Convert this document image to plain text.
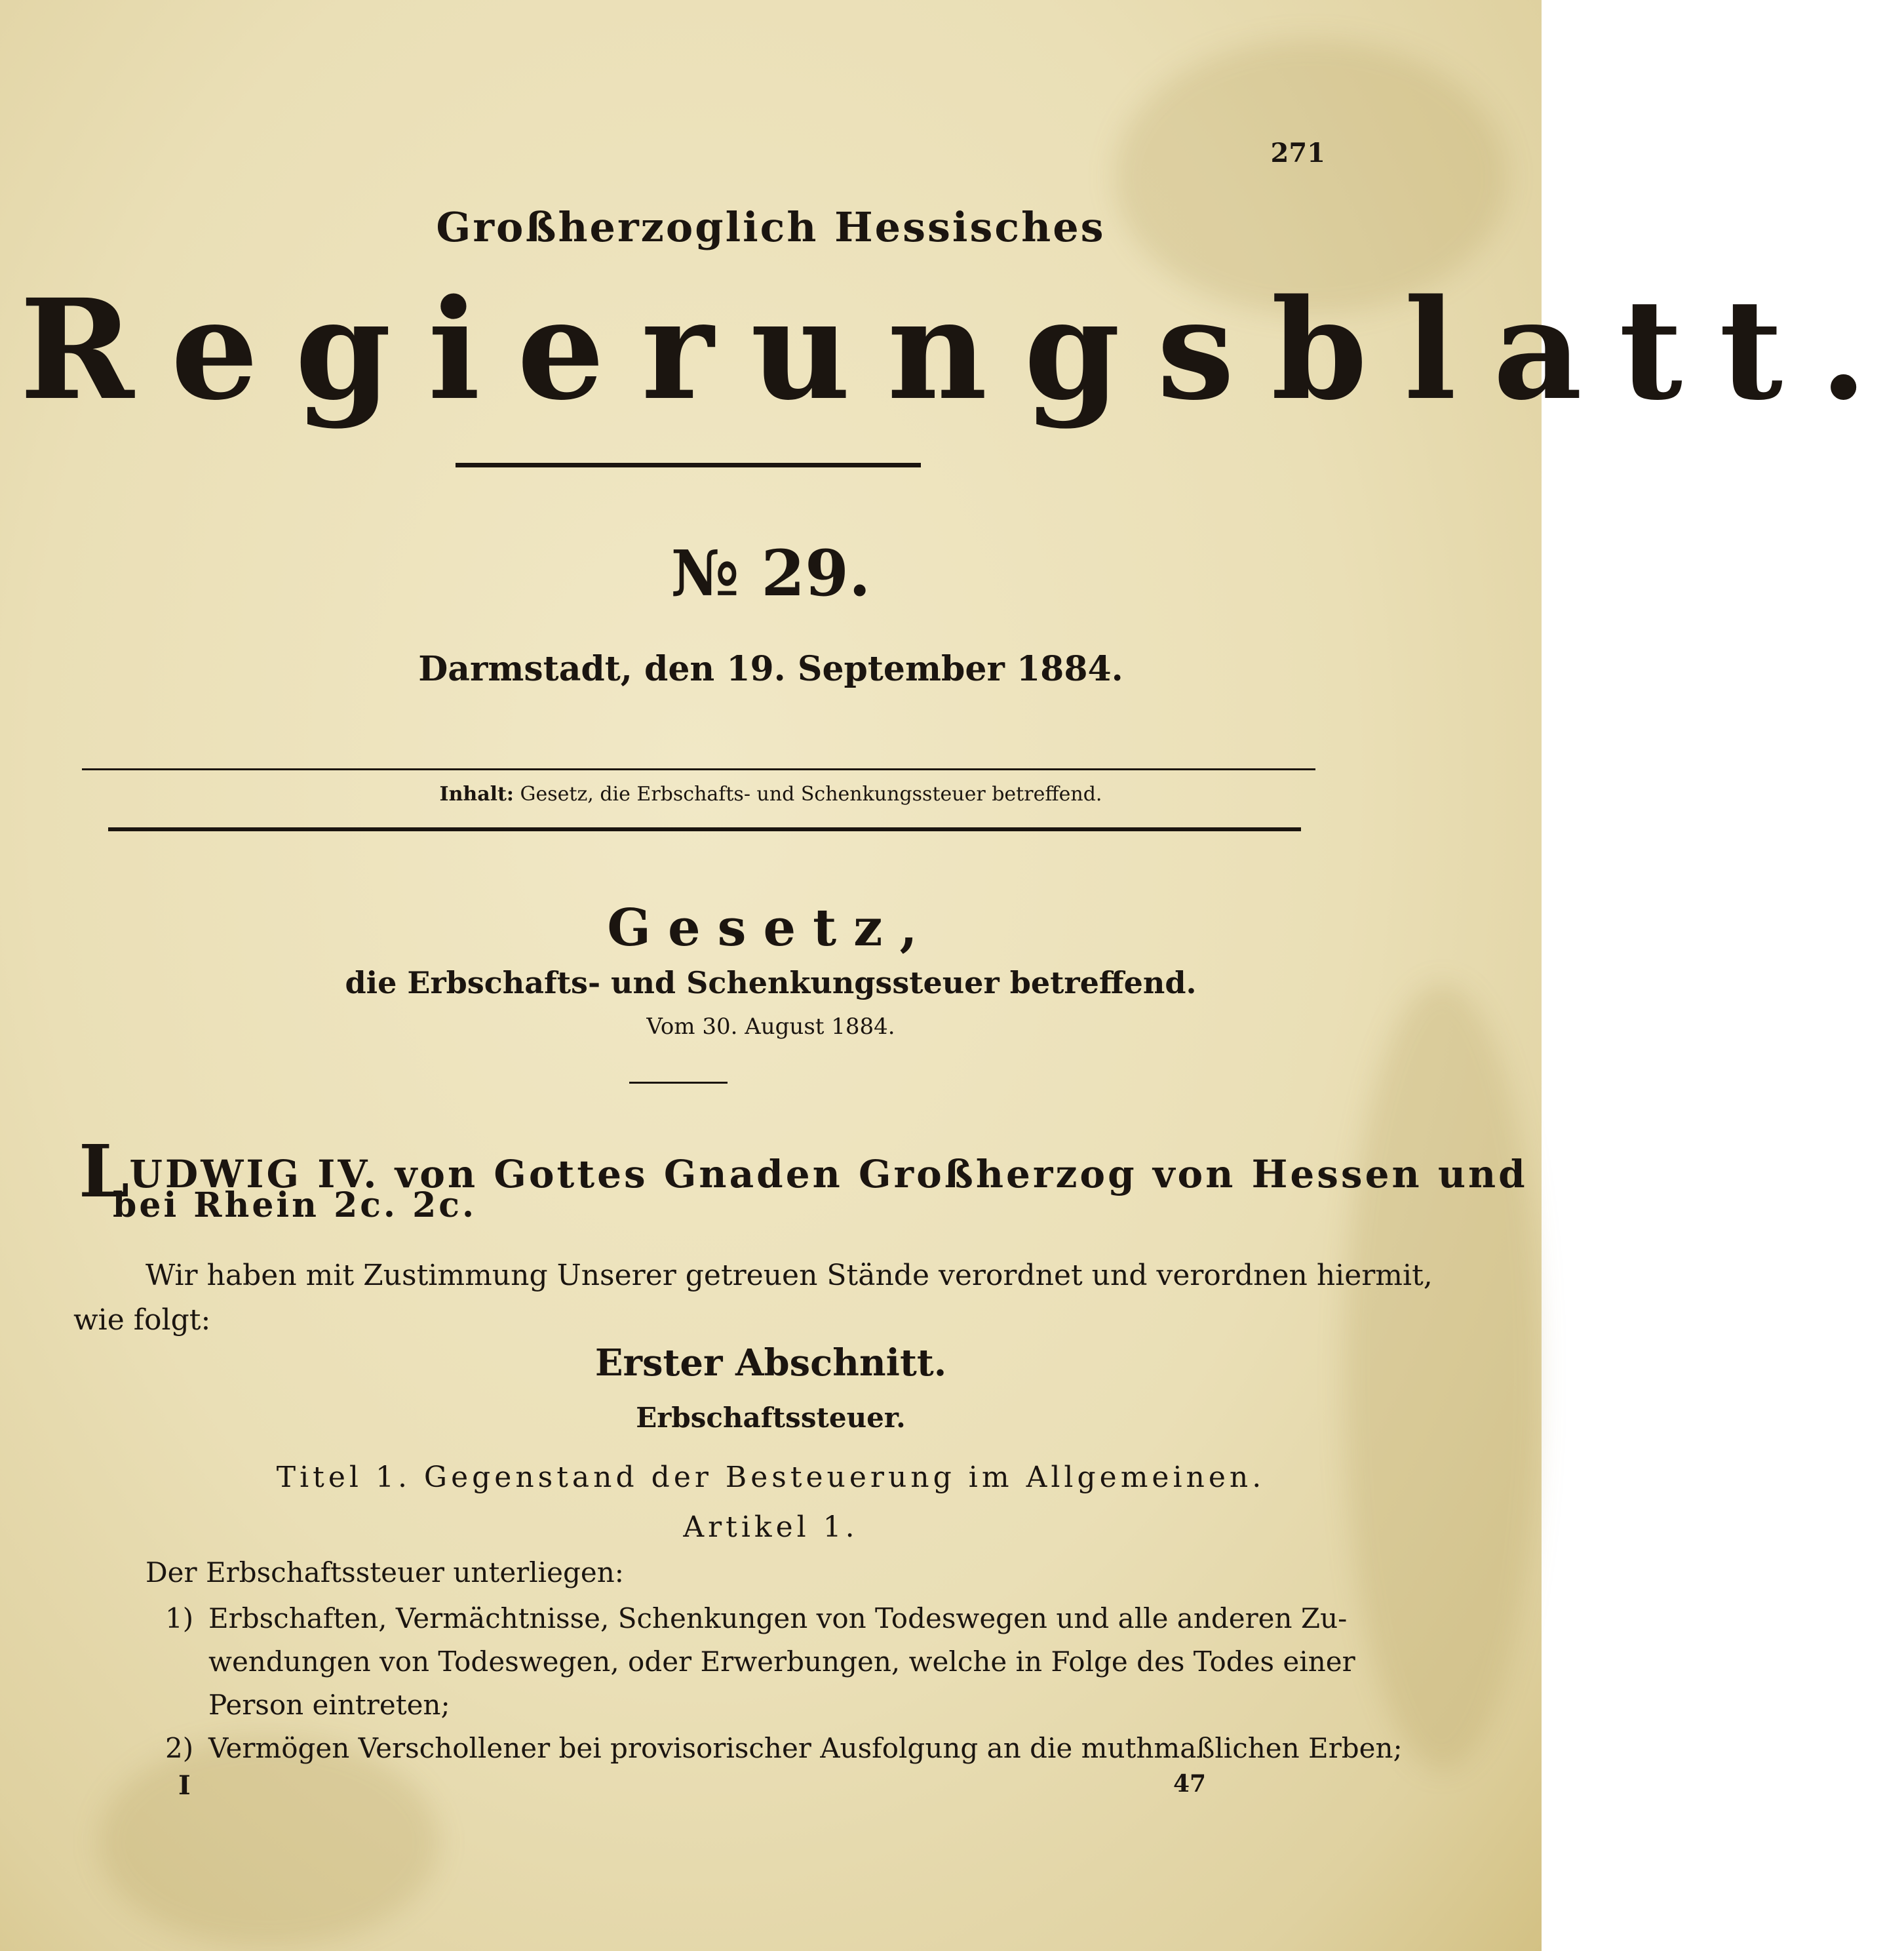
271

Großherzoglich Hessisches

Regierungsblatt.

№ 29.

Darmstadt, den 19. September 1884.

Inhalt: Gesetz, die Erbschafts- und Schenkungssteuer betreffend.

Gesetz,

die Erbschafts- und Schenkungssteuer betreffend.

Vom 30. August 1884.

LUDWIG IV. von Gottes Gnaden Großherzog von Hessen und

bei Rhein 2c. 2c.

Wir haben mit Zustimmung Unserer getreuen Stände verordnet und verordnen hiermit,

wie folgt:

Erster Abschnitt.

Erbschaftssteuer.

Titel 1. Gegenstand der Besteuerung im Allgemeinen.

Artikel 1.

Der Erbschaftssteuer unterliegen:

1) Erbschaften, Vermächtnisse, Schenkungen von Todeswegen und alle anderen Zu-
wendungen von Todeswegen, oder Erwerbungen, welche in Folge des Todes einer
Person eintreten;
2) Vermögen Verschollener bei provisorischer Ausfolgung an die muthmaßlichen Erben;

I	47
